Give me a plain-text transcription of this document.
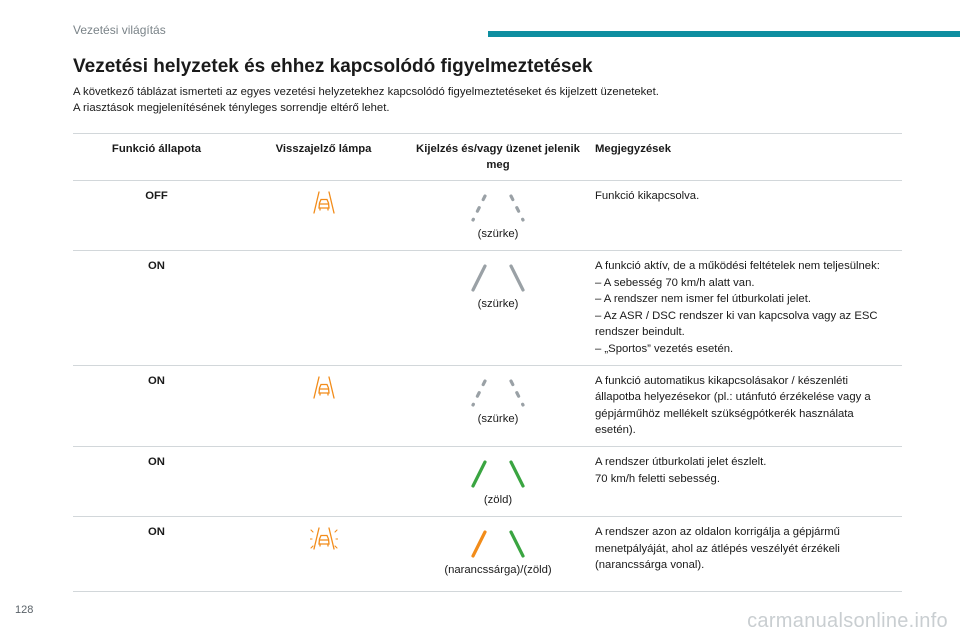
Vezetési világítás
Vezetési helyzetek és ehhez kapcsolódó figyelmeztetések

A következő táblázat ismerteti az egyes vezetési helyzetekhez kapcsolódó figyelmeztetéseket és kijelzett üzeneteket.

A riasztások megjelenítésének tényleges sorrendje eltérő lehet.

Funkció állapota	Visszajelző lámpa	Kijelzés és/vagy üzenet jelenik meg	Megjegyzések
OFF		(szürke)	Funkció kikapcsolva.

ON		(szürke)	A funkció aktív, de a működési feltételek nem teljesülnek:

– A sebesség 70 km/h alatt van.

– A rendszer nem ismer fel útburkolati jelet.

– Az ASR / DSC rendszer ki van kapcsolva vagy az ESC rendszer beindult.

– „Sportos” vezetés esetén.

ON		(szürke)	A funkció automatikus kikapcsolásakor / készenléti állapotba helyezésekor (pl.: utánfutó érzékelése vagy a gépjárműhöz mellékelt szükségpótkerék használata esetén).

ON		(zöld)	A rendszer útburkolati jelet észlelt.

70 km/h feletti sebesség.

ON		(narancssárga)/(zöld)	A rendszer azon az oldalon korrigálja a gépjármű menetpályáját, ahol az átlépés veszélyét érzékeli (narancssárga vonal).

128	carmanualsonline.info
